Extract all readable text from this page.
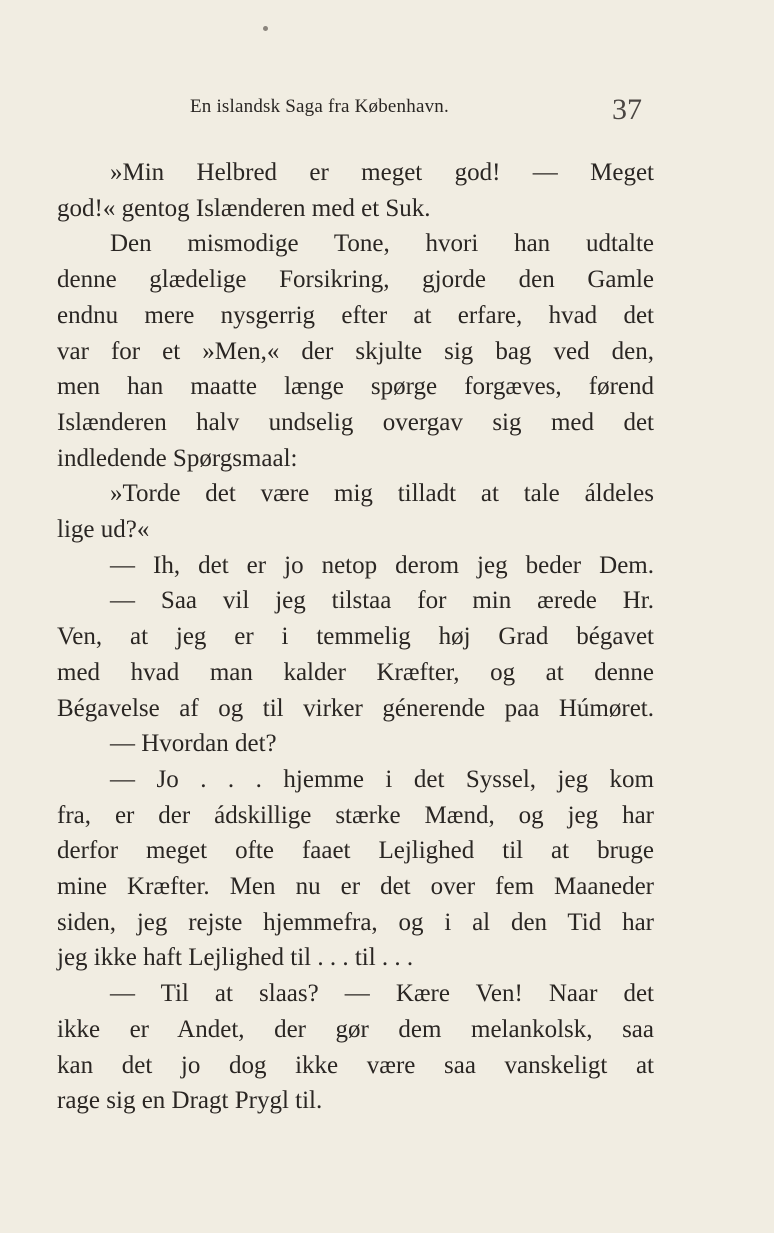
En islandsk Saga fra København.	37
»Min Helbred er meget god! — Meget
god!« gentog Islænderen med et Suk.
Den mismodige Tone, hvori han udtalte
denne glædelige Forsikring, gjorde den Gamle
endnu mere nysgerrig efter at erfare, hvad det
var for et »Men,« der skjulte sig bag ved den,
men han maatte længe spørge forgæves, førend
Islænderen halv undselig overgav sig med det
indledende Spørgsmaal:
»Torde det være mig tilladt at tale áldeles
lige ud?«
— Ih, det er jo netop derom jeg beder Dem.
— Saa vil jeg tilstaa for min ærede Hr.
Ven, at jeg er i temmelig høj Grad bégavet
med hvad man kalder Kræfter, og at denne
Bégavelse af og til virker génerende paa Húmøret.
— Hvordan det?
— Jo . . . hjemme i det Syssel, jeg kom
fra, er der ádskillige stærke Mænd, og jeg har
derfor meget ofte faaet Lejlighed til at bruge
mine Kræfter. Men nu er det over fem Maaneder
siden, jeg rejste hjemmefra, og i al den Tid har
jeg ikke haft Lejlighed til . . . til . . .
— Til at slaas? — Kære Ven! Naar det
ikke er Andet, der gør dem melankolsk, saa
kan det jo dog ikke være saa vanskeligt at
rage sig en Dragt Prygl til.
